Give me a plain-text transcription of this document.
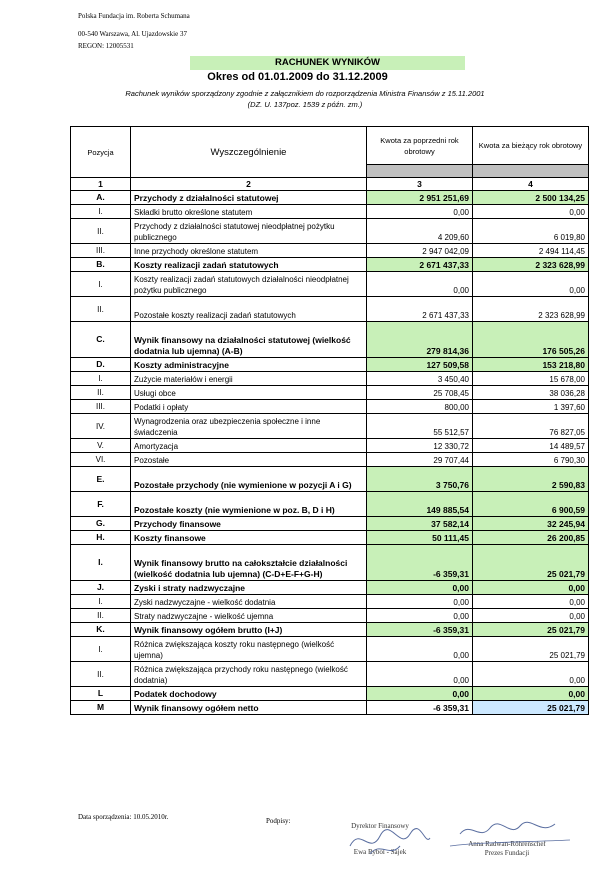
Polska Fundacja im. Roberta Schumana
00-540 Warszawa, Al. Ujazdowskie 37
REGON: 12005531
RACHUNEK WYNIKÓW
Okres od 01.01.2009 do 31.12.2009
Rachunek wyników sporządzony zgodnie z załącznikiem do rozporządzenia Ministra Finansów z 15.11.2001
(DZ. U. 137poz. 1539 z późn. zm.)
Pozycja	Wyszczególnienie	Kwota za poprzedni rok obrotowy	Kwota za bieżący rok obrotowy

1	2	3	4
A.	Przychody z działalności statutowej	2 951 251,69	2 500 134,25
I.	Składki brutto określone statutem	0,00	0,00
II.	Przychody z działalności statutowej nieodpłatnej pożytku publicznego	4 209,60	6 019,80
III.	Inne przychody określone statutem	2 947 042,09	2 494 114,45
B.	Koszty realizacji zadań statutowych	2 671 437,33	2 323 628,99
I.	Koszty realizacji zadań statutowych działalności nieodpłatnej pożytku publicznego	0,00	0,00
II.	Pozostałe koszty realizacji zadań statutowych	2 671 437,33	2 323 628,99
C.	Wynik finansowy na działalności statutowej (wielkość dodatnia lub ujemna) (A-B)	279 814,36	176 505,26
D.	Koszty administracyjne	127 509,58	153 218,80
I.	Zużycie materiałów i energii	3 450,40	15 678,00
II.	Usługi obce	25 708,45	38 036,28
III.	Podatki i opłaty	800,00	1 397,60
IV.	Wynagrodzenia oraz ubezpieczenia społeczne i inne świadczenia	55 512,57	76 827,05
V.	Amortyzacja	12 330,72	14 489,57
VI.	Pozostałe	29 707,44	6 790,30
E.	Pozostałe przychody (nie wymienione w pozycji A i G)	3 750,76	2 590,83
F.	Pozostałe koszty (nie wymienione w poz. B, D i H)	149 885,54	6 900,59
G.	Przychody finansowe	37 582,14	32 245,94
H.	Koszty finansowe	50 111,45	26 200,85
I.	Wynik finansowy brutto na całokształcie działalności (wielkość dodatnia lub ujemna) (C-D+E-F+G-H)	-6 359,31	25 021,79
J.	Zyski i straty nadzwyczajne	0,00	0,00
I.	Zyski nadzwyczajne - wielkość dodatnia	0,00	0,00
II.	Straty nadzwyczajne - wielkość ujemna	0,00	0,00
K.	Wynik finansowy ogółem brutto (I+J)	-6 359,31	25 021,79
I.	Różnica zwiększająca koszty roku następnego (wielkość ujemna)	0,00	25 021,79
II.	Różnica zwiększająca przychody roku następnego (wielkość dodatnia)	0,00	0,00
L	Podatek dochodowy	0,00	0,00
M	Wynik finansowy ogółem netto	-6 359,31	25 021,79
Data sporządzenia: 10.05.2010r.	Podpisy:
Dyrektor Finansowy
Ewa Rybol - Sajek
Anna Radwan-Röhrenschef
Prezes Fundacji
